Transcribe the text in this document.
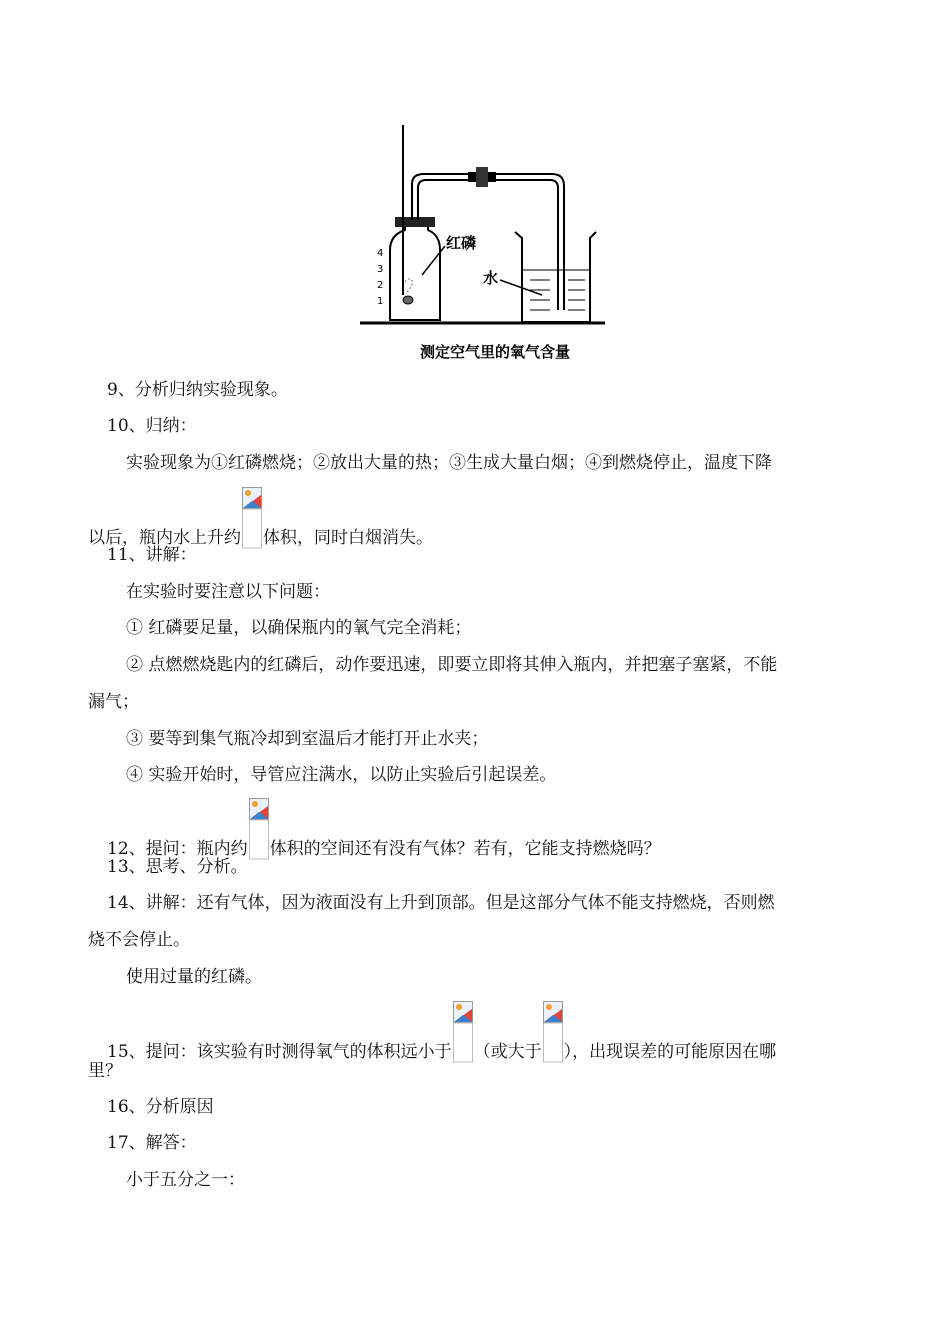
4
3
2
1
红磷
水
测定空气里的氧气含量
9、分析归纳实验现象。
10、归纳：
实验现象为①红磷燃烧；②放出大量的热；③生成大量白烟；④到燃烧停止，温度下降
以后，瓶内水上升约 体积，同时白烟消失。
11、讲解：
在实验时要注意以下问题：
① 红磷要足量，以确保瓶内的氧气完全消耗；
② 点燃燃烧匙内的红磷后，动作要迅速，即要立即将其伸入瓶内，并把塞子塞紧，不能
漏气；
③ 要等到集气瓶冷却到室温后才能打开止水夹；
④ 实验开始时，导管应注满水，以防止实验后引起误差。
12、提问：瓶内约 体积的空间还有没有气体？若有，它能支持燃烧吗？
13、思考、分析。
14、讲解：还有气体，因为液面没有上升到顶部。但是这部分气体不能支持燃烧，否则燃
烧不会停止。
使用过量的红磷。
15、提问：该实验有时测得氧气的体积远小于 （或大于 ），出现误差的可能原因在哪
里？
16、分析原因
17、解答：
小于五分之一：
